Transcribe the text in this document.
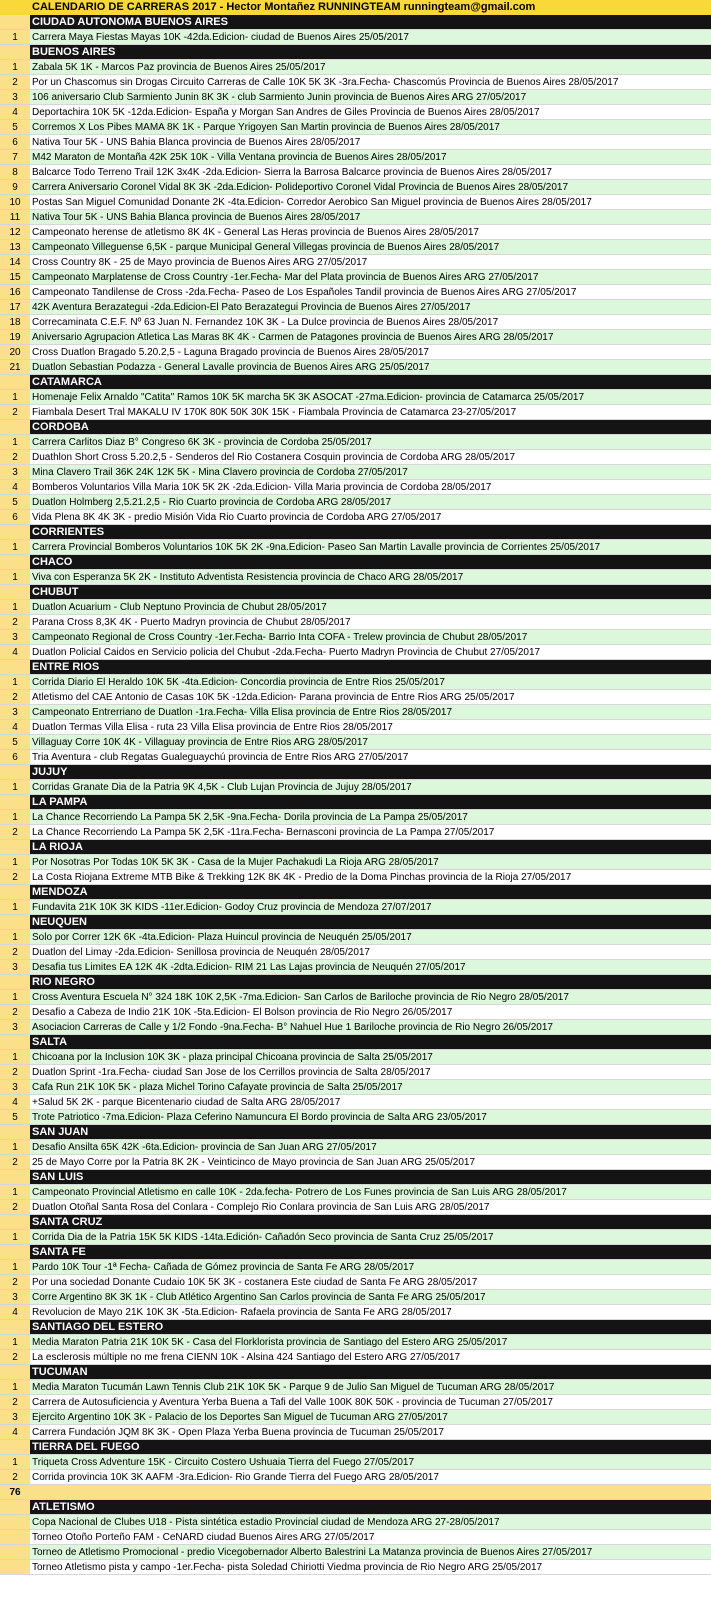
CALENDARIO DE CARRERAS 2017 - Hector Montañez RUNNINGTEAM runningteam@gmail.com
CIUDAD AUTONOMA BUENOS AIRES
1	Carrera Maya Fiestas Mayas 10K -42da.Edicion- ciudad de Buenos Aires 25/05/2017
BUENOS AIRES
1	Zabala 5K 1K - Marcos Paz provincia de Buenos Aires 25/05/2017
2	Por un Chascomus sin Drogas Circuito Carreras de Calle 10K 5K 3K -3ra.Fecha- Chascomús Provincia de Buenos Aires 28/05/2017
3	106 aniversario Club Sarmiento Junin 8K 3K - club Sarmiento Junin provincia de Buenos Aires ARG 27/05/2017
4	Deportachira 10K 5K -12da.Edicion- España y Morgan San Andres de Giles Provincia de Buenos Aires 28/05/2017
5	Corremos X Los Pibes MAMA 8K 1K - Parque Yrigoyen San Martin provincia de Buenos Aires 28/05/2017
6	Nativa Tour 5K - UNS Bahia Blanca provincia de Buenos Aires 28/05/2017
7	M42 Maraton de Montaña 42K 25K 10K - Villa Ventana provincia de Buenos Aires 28/05/2017
8	Balcarce Todo Terreno Trail 12K 3x4K -2da.Edicion- Sierra la Barrosa Balcarce provincia de Buenos Aires 28/05/2017
9	Carrera Aniversario Coronel Vidal 8K 3K -2da.Edicion- Polideportivo Coronel Vidal Provincia de Buenos Aires 28/05/2017
10	Postas San Miguel Comunidad Donante 2K -4ta.Edicion- Corredor Aerobico San Miguel provincia de Buenos Aires 28/05/2017
11	Nativa Tour 5K - UNS Bahia Blanca provincia de Buenos Aires 28/05/2017
12	Campeonato herense de atletismo 8K 4K - General Las Heras provincia de Buenos Aires 28/05/2017
13	Campeonato Villeguense 6,5K - parque Municipal General Villegas provincia de Buenos Aires 28/05/2017
14	Cross Country 8K - 25 de Mayo provincia de Buenos Aires ARG 27/05/2017
15	Campeonato Marplatense de Cross Country -1er.Fecha- Mar del Plata provincia de Buenos Aires ARG 27/05/2017
16	Campeonato Tandilense de Cross -2da.Fecha- Paseo de Los Españoles Tandil provincia de Buenos Aires ARG 27/05/2017
17	42K Aventura Berazategui -2da.Edicion-El Pato Berazategui Provincia de Buenos Aires 27/05/2017
18	Correcaminata C.E.F. Nº 63 Juan N. Fernandez 10K 3K - La Dulce provincia de Buenos Aires 28/05/2017
19	Aniversario Agrupacion Atletica Las Maras 8K 4K - Carmen de Patagones provincia de Buenos Aires ARG 28/05/2017
20	Cross Duatlon Bragado 5.20.2,5 - Laguna Bragado provincia de Buenos Aires 28/05/2017
21	Duatlon Sebastian Podazza - General Lavalle provincia de Buenos Aires ARG 25/05/2017
CATAMARCA
1	Homenaje Felix Arnaldo "Catita" Ramos 10K 5K marcha 5K 3K ASOCAT -27ma.Edicion- provincia de Catamarca 25/05/2017
2	Fiambala Desert Tral MAKALU IV 170K 80K 50K 30K 15K - Fiambala Provincia de Catamarca 23-27/05/2017
CORDOBA
1	Carrera Carlitos Diaz B° Congreso 6K 3K - provincia de Cordoba 25/05/2017
2	Duathlon Short Cross 5.20.2,5 - Senderos del Rio Costanera Cosquin provincia de Cordoba ARG 28/05/2017
3	Mina Clavero Trail 36K 24K 12K 5K - Mina Clavero provincia de Cordoba 27/05/2017
4	Bomberos Voluntarios Villa Maria 10K 5K 2K -2da.Edicion- Villa Maria provincia de Cordoba 28/05/2017
5	Duatlon Holmberg 2,5.21.2,5 - Rio Cuarto provincia de Cordoba ARG 28/05/2017
6	Vida Plena 8K 4K 3K - predio Misión Vida Rio Cuarto provincia de Cordoba ARG 27/05/2017
CORRIENTES
1	Carrera Provincial Bomberos Voluntarios 10K 5K 2K -9na.Edicion- Paseo San Martin Lavalle provincia de Corrientes 25/05/2017
CHACO
1	Viva con Esperanza 5K 2K - Instituto Adventista Resistencia provincia de Chaco ARG 28/05/2017
CHUBUT
1	Duatlon Acuarium - Club Neptuno Provincia de Chubut 28/05/2017
2	Parana Cross 8,3K 4K - Puerto Madryn provincia de Chubut 28/05/2017
3	Campeonato Regional de Cross Country -1er.Fecha- Barrio Inta COFA - Trelew provincia de Chubut 28/05/2017
4	Duatlon Policial Caidos en Servicio policia del Chubut -2da.Fecha- Puerto Madryn Provincia de Chubut 27/05/2017
ENTRE RIOS
1	Corrida Diario El Heraldo 10K 5K -4ta.Edicion- Concordia provincia de Entre Rios 25/05/2017
2	Atletismo del CAE Antonio de Casas 10K 5K -12da.Edicion- Parana provincia de Entre Rios ARG 25/05/2017
3	Campeonato Entrerriano de Duatlon -1ra.Fecha- Villa Elisa provincia de Entre Rios 28/05/2017
4	Duatlon Termas Villa Elisa - ruta 23 Villa Elisa provincia de Entre Rios 28/05/2017
5	Villaguay Corre 10K 4K - Villaguay provincia de Entre Rios ARG 28/05/2017
6	Tria Aventura - club Regatas Gualeguaychú provincia de Entre Rios ARG 27/05/2017
JUJUY
1	Corridas Granate Dia de la Patria 9K 4,5K - Club Lujan Provincia de Jujuy 28/05/2017
LA PAMPA
1	La Chance Recorriendo La Pampa 5K 2,5K -9na.Fecha- Dorila provincia de La Pampa 25/05/2017
2	La Chance Recorriendo La Pampa 5K 2,5K -11ra.Fecha- Bernasconi provincia de La Pampa 27/05/2017
LA RIOJA
1	Por Nosotras Por Todas 10K 5K 3K - Casa de la Mujer Pachakudi La Rioja ARG 28/05/2017
2	La Costa Riojana Extreme MTB Bike & Trekking 12K 8K 4K - Predio de la Doma Pinchas provincia de la Rioja 27/05/2017
MENDOZA
1	Fundavita 21K 10K 3K KIDS -11er.Edicion- Godoy Cruz provincia de Mendoza 27/07/2017
NEUQUEN
1	Solo por Correr 12K 6K -4ta.Edicion- Plaza Huincul provincia de Neuquén 25/05/2017
2	Duatlon del Limay -2da.Edicion- Senillosa provincia de Neuquén 28/05/2017
3	Desafia tus Limites EA 12K 4K -2dta.Edicion- RIM 21 Las Lajas provincia de Neuquén 27/05/2017
RIO NEGRO
1	Cross Aventura Escuela N° 324 18K 10K 2,5K -7ma.Edicion- San Carlos de Bariloche provincia de Rio Negro 28/05/2017
2	Desafio a Cabeza de Indio 21K 10K -5ta.Edicion- El Bolson provincia de Rio Negro 26/05/2017
3	Asociacion Carreras de Calle y 1/2 Fondo -9na.Fecha- B° Nahuel Hue 1 Bariloche provincia de Rio Negro 26/05/2017
SALTA
1	Chicoana por la Inclusion 10K 3K - plaza principal Chicoana provincia de Salta 25/05/2017
2	Duatlon Sprint -1ra.Fecha- ciudad San Jose de los Cerrillos provincia de Salta 28/05/2017
3	Cafa Run 21K 10K 5K - plaza Michel Torino Cafayate provincia de Salta 25/05/2017
4	+Salud 5K 2K - parque Bicentenario ciudad de Salta ARG 28/05/2017
5	Trote Patriotico -7ma.Edicion- Plaza Ceferino Namuncura El Bordo provincia de Salta ARG 23/05/2017
SAN JUAN
1	Desafio Ansilta 65K 42K -6ta.Edicion- provincia de San Juan ARG 27/05/2017
2	25 de Mayo Corre por la Patria 8K 2K - Veinticinco de Mayo provincia de San Juan ARG 25/05/2017
SAN LUIS
1	Campeonato Provincial Atletismo en calle 10K - 2da.fecha- Potrero de Los Funes provincia de San Luis ARG 28/05/2017
2	Duatlon Otoñal Santa Rosa del Conlara - Complejo Rio Conlara provincia de San Luis ARG 28/05/2017
SANTA CRUZ
1	Corrida Dia de la Patria 15K 5K KIDS -14ta.Edición- Cañadón Seco provincia de Santa Cruz 25/05/2017
SANTA FE
1	Pardo 10K Tour -1ª Fecha- Cañada de Gómez provincia de Santa Fe ARG 28/05/2017
2	Por una sociedad Donante Cudaio 10K 5K 3K - costanera Este ciudad de Santa Fe ARG 28/05/2017
3	Corre Argentino 8K 3K 1K - Club Atlético Argentino San Carlos provincia de Santa Fe ARG 25/05/2017
4	Revolucion de Mayo 21K 10K 3K -5ta.Edicion- Rafaela provincia de Santa Fe ARG 28/05/2017
SANTIAGO DEL ESTERO
1	Media Maraton Patria 21K 10K 5K - Casa del Florklorista provincia de Santiago del Estero ARG 25/05/2017
2	La esclerosis múltiple no me frena CIENN 10K - Alsina 424 Santiago del Estero ARG 27/05/2017
TUCUMAN
1	Media Maraton Tucumán Lawn Tennis Club 21K 10K 5K - Parque 9 de Julio San Miguel de Tucuman ARG 28/05/2017
2	Carrera de Autosuficiencia y Aventura Yerba Buena a Tafi del Valle 100K 80K 50K - provincia de Tucuman 27/05/2017
3	Ejercito Argentino 10K 3K - Palacio de los Deportes San Miguel de Tucuman ARG 27/05/2017
4	Carrera Fundación JQM 8K 3K - Open Plaza Yerba Buena provincia de Tucuman 25/05/2017
TIERRA DEL FUEGO
1	Triqueta Cross Adventure 15K - Circuito Costero Ushuaia Tierra del Fuego 27/05/2017
2	Corrida provincia 10K 3K AAFM -3ra.Edicion- Rio Grande Tierra del Fuego ARG 28/05/2017
76
ATLETISMO
Copa Nacional de Clubes U18 - Pista sintética estadio Provincial ciudad de Mendoza ARG 27-28/05/2017
Torneo Otoño Porteño FAM - CeNARD ciudad Buenos Aires ARG 27/05/2017
Torneo de Atletismo Promocional - predio Vicegobernador Alberto Balestrini La Matanza provincia de Buenos Aires 27/05/2017
Torneo Atletismo pista y campo -1er.Fecha- pista Soledad Chiriotti Viedma provincia de Rio Negro ARG 25/05/2017
